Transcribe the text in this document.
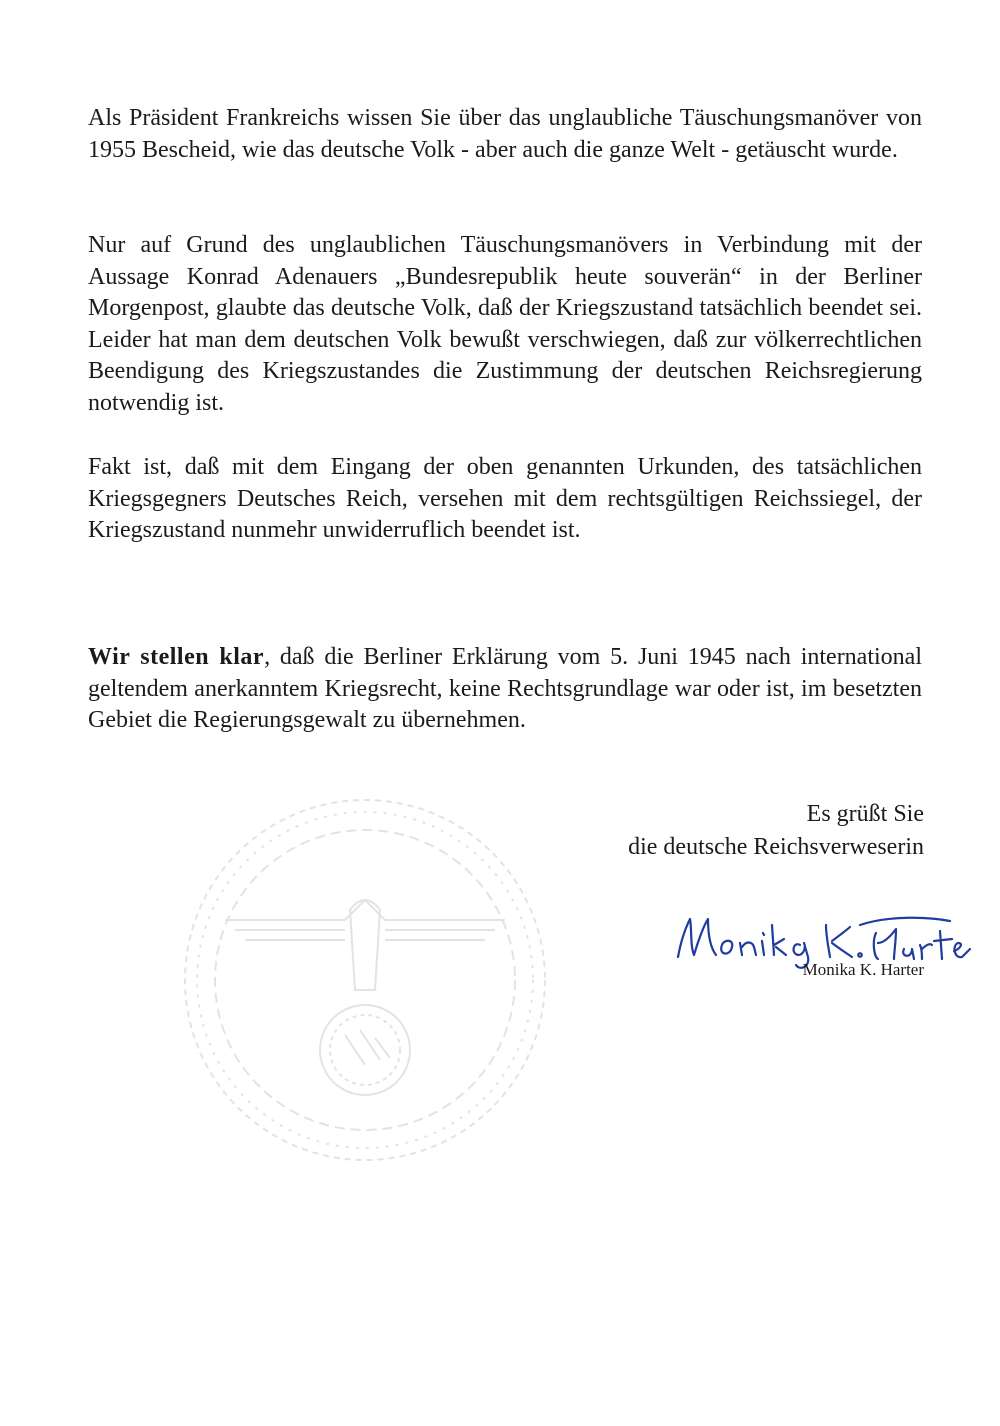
Als Präsident Frankreichs wissen Sie über das unglaubliche Täuschungsmanöver von 1955 Bescheid, wie das deutsche Volk - aber auch die ganze Welt - getäuscht wurde.

Nur auf Grund des unglaublichen Täuschungsmanövers in Verbindung mit der Aussage Konrad Adenauers „Bundesrepublik heute souverän“ in der Berliner Morgenpost, glaubte das deutsche Volk, daß der Kriegszustand tatsächlich beendet sei. Leider hat man dem deutschen Volk bewußt verschwiegen, daß zur völkerrechtlichen Beendigung des Kriegszustandes die Zustimmung der deutschen Reichsregierung notwendig ist.

Fakt ist, daß mit dem Eingang der oben genannten Urkunden, des tatsächlichen Kriegsgegners Deutsches Reich, versehen mit dem rechtsgültigen Reichssiegel, der Kriegszustand nunmehr unwiderruflich beendet ist.

Wir stellen klar, daß die Berliner Erklärung vom 5. Juni 1945 nach international geltendem anerkanntem Kriegsrecht, keine Rechtsgrundlage war oder ist, im besetzten Gebiet die Regierungsgewalt zu übernehmen.

Es grüßt Sie
die deutsche Reichsverweserin
Monika K. Harter
